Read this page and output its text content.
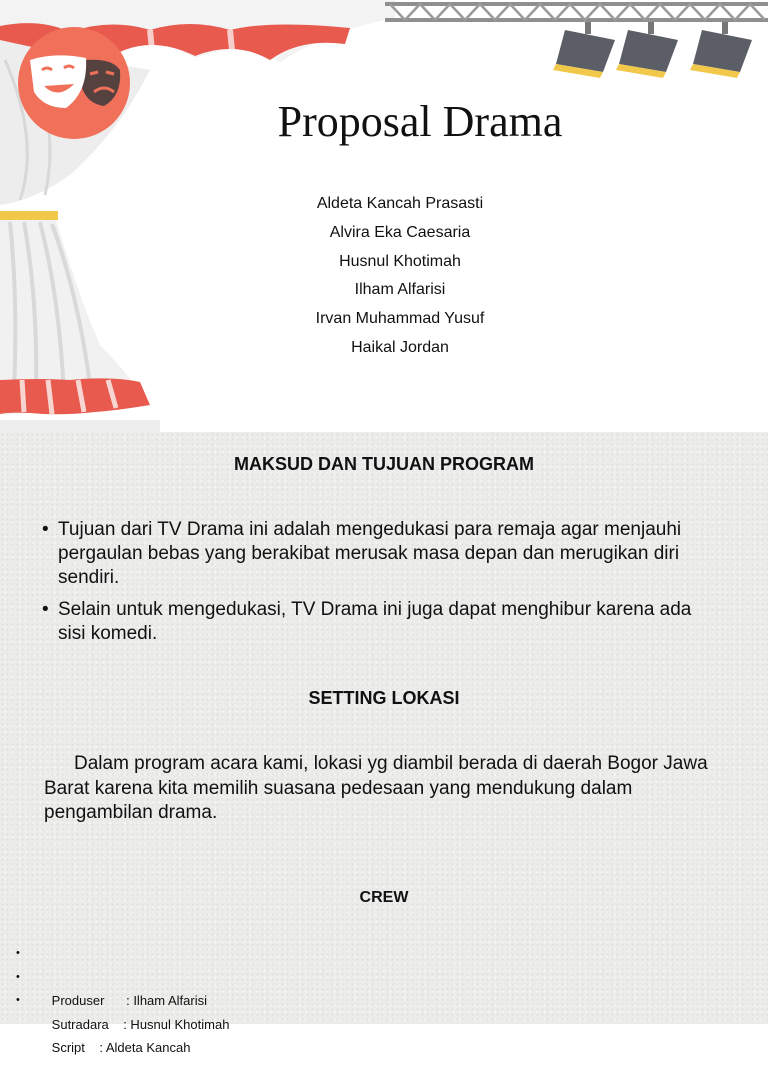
Proposal Drama
Aldeta Kancah Prasasti
Alvira Eka Caesaria
Husnul Khotimah
Ilham Alfarisi
Irvan Muhammad Yusuf
Haikal Jordan
MAKSUD DAN TUJUAN PROGRAM
• Tujuan dari TV Drama ini adalah mengedukasi para remaja agar menjauhi pergaulan bebas yang berakibat merusak masa depan dan merugikan diri sendiri.
• Selain untuk mengedukasi, TV Drama ini juga dapat menghibur karena ada sisi komedi.
SETTING LOKASI

Dalam program acara kami, lokasi yg diambil berada di daerah Bogor Jawa Barat karena kita memilih suasana pedesaan yang mendukung dalam pengambilan drama.

CREW

•

Produser      : Ilham Alfarisi

•

Sutradara    : Husnul Khotimah

•

Script    : Aldeta Kancah
